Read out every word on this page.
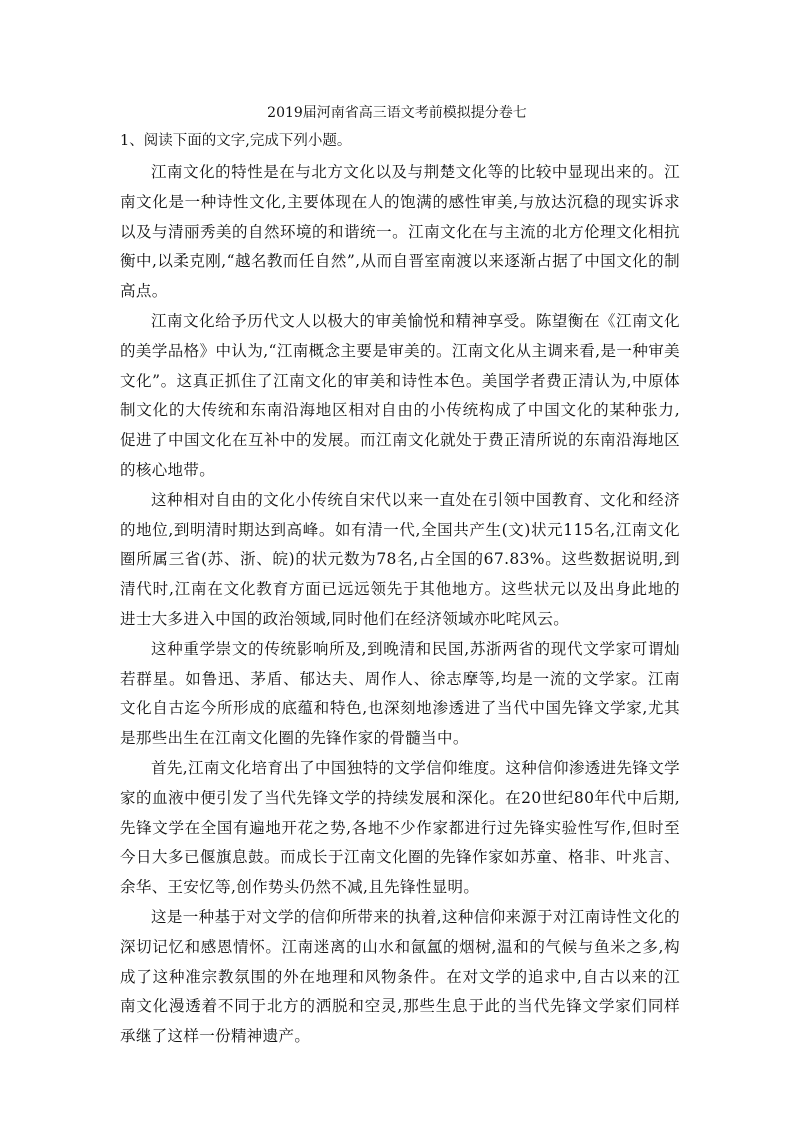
2019届河南省高三语文考前模拟提分卷七
1、阅读下面的文字,完成下列小题。

江南文化的特性是在与北方文化以及与荆楚文化等的比较中显现出来的。江南文化是一种诗性文化,主要体现在人的饱满的感性审美,与放达沉稳的现实诉求以及与清丽秀美的自然环境的和谐统一。江南文化在与主流的北方伦理文化相抗衡中,以柔克刚,“越名教而任自然”,从而自晋室南渡以来逐渐占据了中国文化的制高点。

江南文化给予历代文人以极大的审美愉悦和精神享受。陈望衡在《江南文化的美学品格》中认为,“江南概念主要是审美的。江南文化从主调来看,是一种审美文化”。这真正抓住了江南文化的审美和诗性本色。美国学者费正清认为,中原体制文化的大传统和东南沿海地区相对自由的小传统构成了中国文化的某种张力,促进了中国文化在互补中的发展。而江南文化就处于费正清所说的东南沿海地区的核心地带。

这种相对自由的文化小传统自宋代以来一直处在引领中国教育、文化和经济的地位,到明清时期达到高峰。如有清一代,全国共产生(文)状元115名,江南文化圈所属三省(苏、浙、皖)的状元数为78名,占全国的67.83%。这些数据说明,到清代时,江南在文化教育方面已远远领先于其他地方。这些状元以及出身此地的进士大多进入中国的政治领域,同时他们在经济领域亦叱咤风云。

这种重学崇文的传统影响所及,到晚清和民国,苏浙两省的现代文学家可谓灿若群星。如鲁迅、茅盾、郁达夫、周作人、徐志摩等,均是一流的文学家。江南文化自古迄今所形成的底蕴和特色,也深刻地渗透进了当代中国先锋文学家,尤其是那些出生在江南文化圈的先锋作家的骨髓当中。

首先,江南文化培育出了中国独特的文学信仰维度。这种信仰渗透进先锋文学家的血液中便引发了当代先锋文学的持续发展和深化。在20世纪80年代中后期,先锋文学在全国有遍地开花之势,各地不少作家都进行过先锋实验性写作,但时至今日大多已偃旗息鼓。而成长于江南文化圈的先锋作家如苏童、格非、叶兆言、余华、王安忆等,创作势头仍然不减,且先锋性显明。

这是一种基于对文学的信仰所带来的执着,这种信仰来源于对江南诗性文化的深切记忆和感恩情怀。江南迷离的山水和氤氲的烟树,温和的气候与鱼米之多,构成了这种准宗教氛围的外在地理和风物条件。在对文学的追求中,自古以来的江南文化漫透着不同于北方的洒脱和空灵,那些生息于此的当代先锋文学家们同样承继了这样一份精神遗产。
